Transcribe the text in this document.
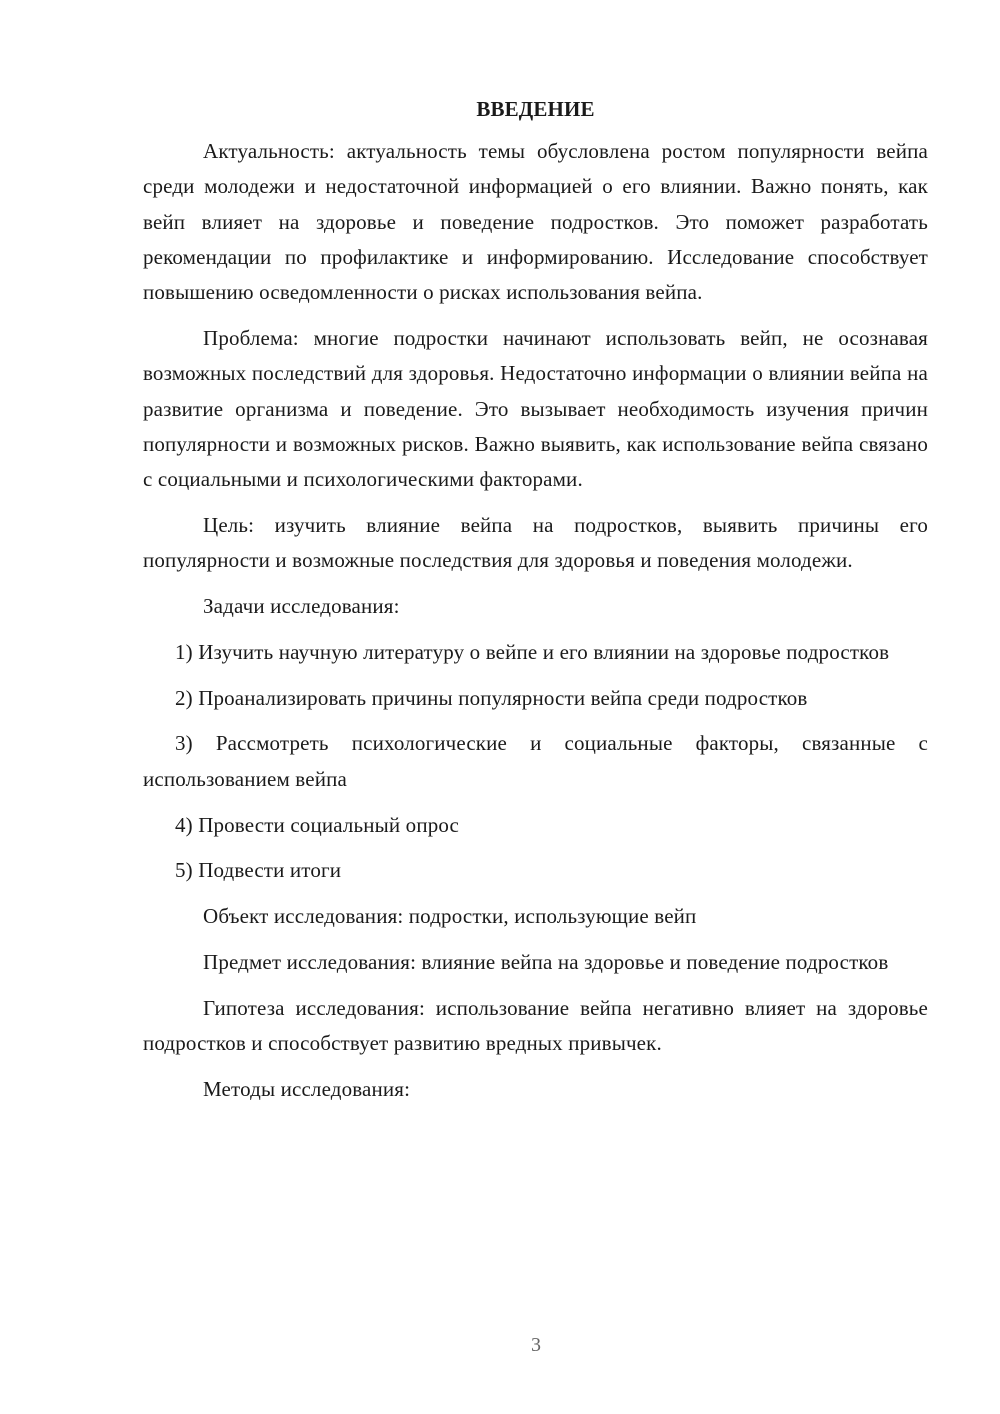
ВВЕДЕНИЕ

Актуальность: актуальность темы обусловлена ростом популярности вейпа среди молодежи и недостаточной информацией о его влиянии. Важно понять, как вейп влияет на здоровье и поведение подростков. Это поможет разработать рекомендации по профилактике и информированию. Исследование способствует повышению осведомленности о рисках использования вейпа.

Проблема: многие подростки начинают использовать вейп, не осознавая возможных последствий для здоровья. Недостаточно информации о влиянии вейпа на развитие организма и поведение. Это вызывает необходимость изучения причин популярности и возможных рисков. Важно выявить, как использование вейпа связано с социальными и психологическими факторами.

Цель: изучить влияние вейпа на подростков, выявить причины его популярности и возможные последствия для здоровья и поведения молодежи.

Задачи исследования:

1) Изучить научную литературу о вейпе и его влиянии на здоровье подростков

2) Проанализировать причины популярности вейпа среди подростков

3) Рассмотреть психологические и социальные факторы, связанные с использованием вейпа

4) Провести социальный опрос

5) Подвести итоги

Объект исследования: подростки, использующие вейп

Предмет исследования: влияние вейпа на здоровье и поведение подростков

Гипотеза исследования: использование вейпа негативно влияет на здоровье подростков и способствует развитию вредных привычек.

Методы исследования:

3
